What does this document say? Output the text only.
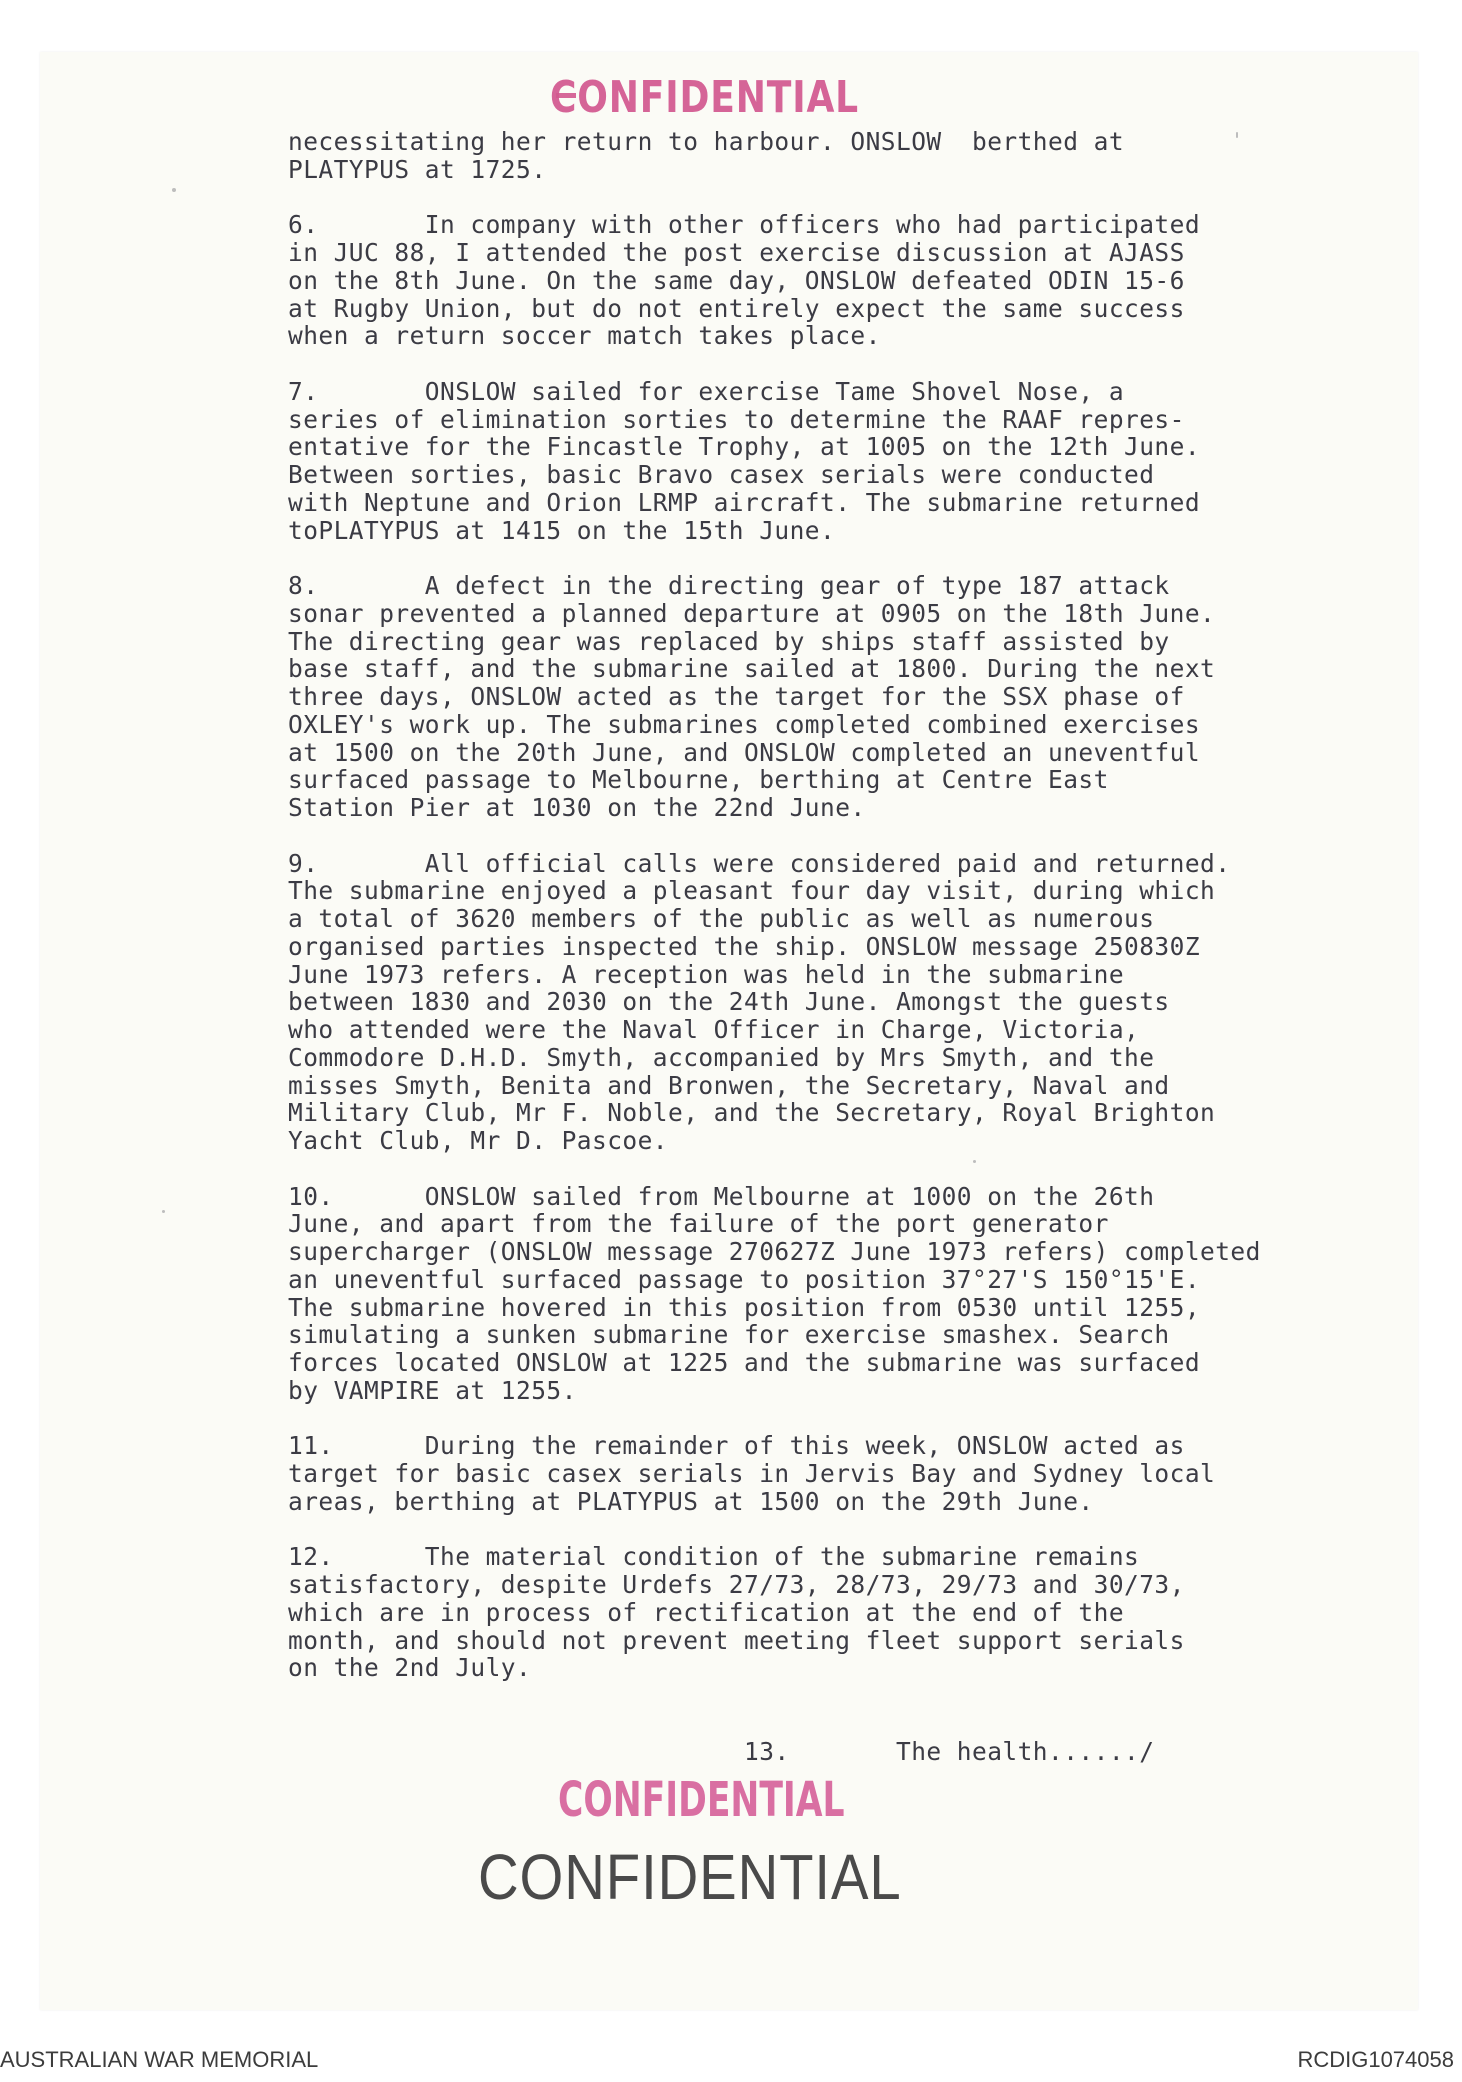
CONFIDENTIAL
necessitating her return to harbour. ONSLOW  berthed at
PLATYPUS at 1725.
6.       In company with other officers who had participated
in JUC 88, I attended the post exercise discussion at AJASS
on the 8th June. On the same day, ONSLOW defeated ODIN 15-6
at Rugby Union, but do not entirely expect the same success
when a return soccer match takes place.
7.       ONSLOW sailed for exercise Tame Shovel Nose, a
series of elimination sorties to determine the RAAF repres-
entative for the Fincastle Trophy, at 1005 on the 12th June.
Between sorties, basic Bravo casex serials were conducted
with Neptune and Orion LRMP aircraft. The submarine returned
toPLATYPUS at 1415 on the 15th June.
8.       A defect in the directing gear of type 187 attack
sonar prevented a planned departure at 0905 on the 18th June.
The directing gear was replaced by ships staff assisted by
base staff, and the submarine sailed at 1800. During the next
three days, ONSLOW acted as the target for the SSX phase of
OXLEY's work up. The submarines completed combined exercises
at 1500 on the 20th June, and ONSLOW completed an uneventful
surfaced passage to Melbourne, berthing at Centre East
Station Pier at 1030 on the 22nd June.
9.       All official calls were considered paid and returned.
The submarine enjoyed a pleasant four day visit, during which
a total of 3620 members of the public as well as numerous
organised parties inspected the ship. ONSLOW message 250830Z
June 1973 refers. A reception was held in the submarine
between 1830 and 2030 on the 24th June. Amongst the guests
who attended were the Naval Officer in Charge, Victoria,
Commodore D.H.D. Smyth, accompanied by Mrs Smyth, and the
misses Smyth, Benita and Bronwen, the Secretary, Naval and
Military Club, Mr F. Noble, and the Secretary, Royal Brighton
Yacht Club, Mr D. Pascoe.
10.      ONSLOW sailed from Melbourne at 1000 on the 26th
June, and apart from the failure of the port generator
supercharger (ONSLOW message 270627Z June 1973 refers) completed
an uneventful surfaced passage to position 37°27'S 150°15'E.
The submarine hovered in this position from 0530 until 1255,
simulating a sunken submarine for exercise smashex. Search
forces located ONSLOW at 1225 and the submarine was surfaced
by VAMPIRE at 1255.
11.      During the remainder of this week, ONSLOW acted as
target for basic casex serials in Jervis Bay and Sydney local
areas, berthing at PLATYPUS at 1500 on the 29th June.
12.      The material condition of the submarine remains
satisfactory, despite Urdefs 27/73, 28/73, 29/73 and 30/73,
which are in process of rectification at the end of the
month, and should not prevent meeting fleet support serials
on the 2nd July.
13.       The health....../
CONFIDENTIAL
CONFIDENTIAL
AUSTRALIAN WAR MEMORIAL	RCDIG1074058
